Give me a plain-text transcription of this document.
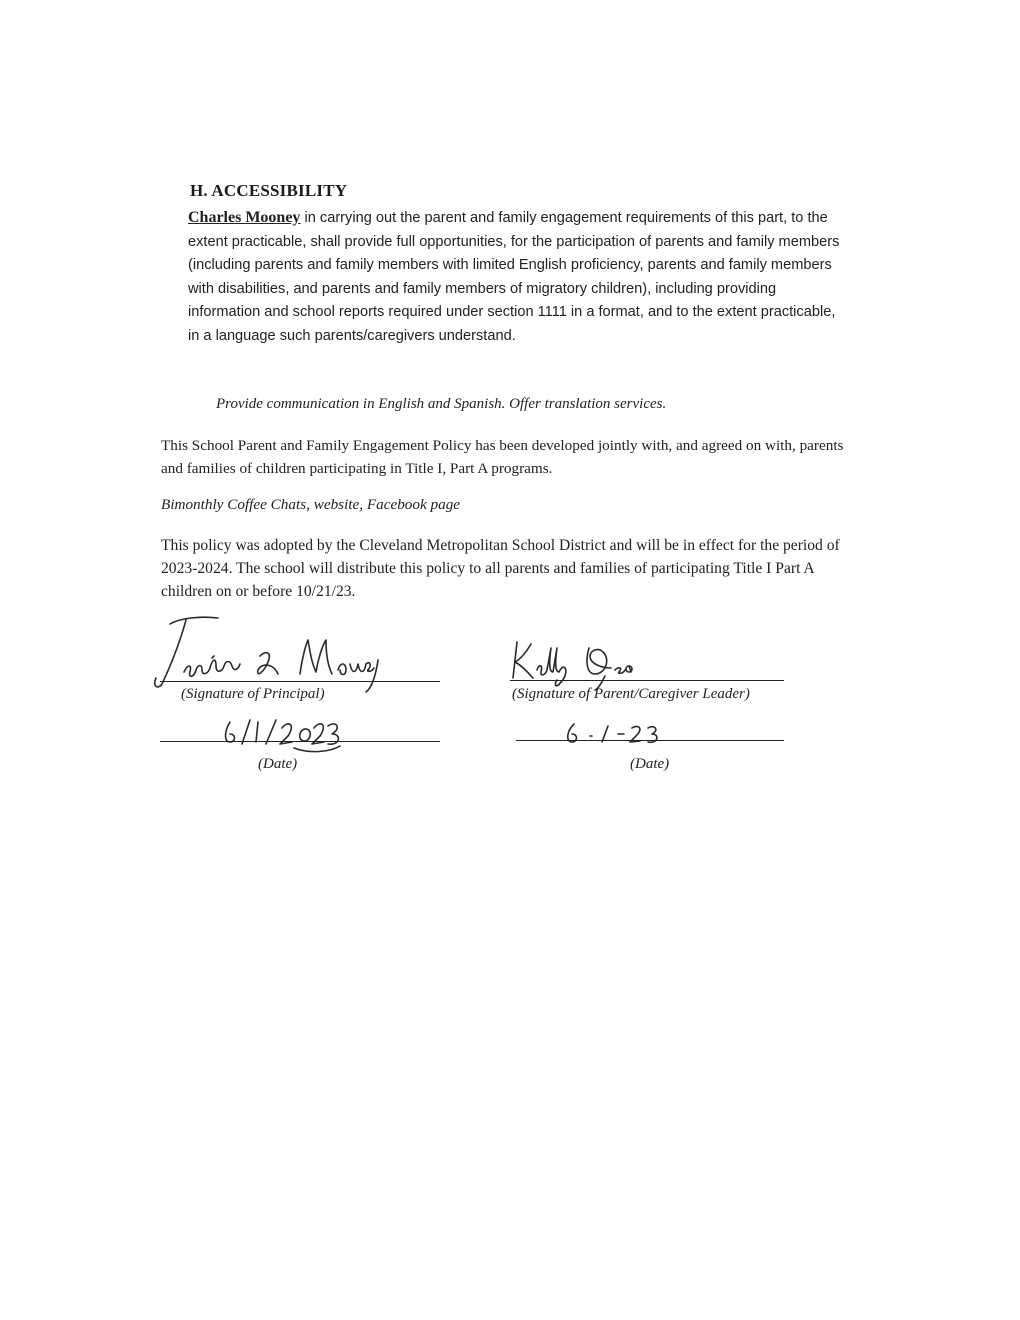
H. ACCESSIBILITY
Charles Mooney in carrying out the parent and family engagement requirements of this part, to the extent practicable, shall provide full opportunities, for the participation of parents and family members (including parents and family members with limited English proficiency, parents and family members with disabilities, and parents and family members of migratory children), including providing information and school reports required under section 1111 in a format, and to the extent practicable, in a language such parents/caregivers understand.
Provide communication in English and Spanish. Offer translation services.
This School Parent and Family Engagement Policy has been developed jointly with, and agreed on with, parents and families of children participating in Title I, Part A programs.
Bimonthly Coffee Chats, website, Facebook page
This policy was adopted by the Cleveland Metropolitan School District and will be in effect for the period of 2023-2024. The school will distribute this policy to all parents and families of participating Title I Part A children on or before 10/21/23.
(Signature of Principal)
(Date)
(Signature of Parent/Caregiver Leader)
(Date)
